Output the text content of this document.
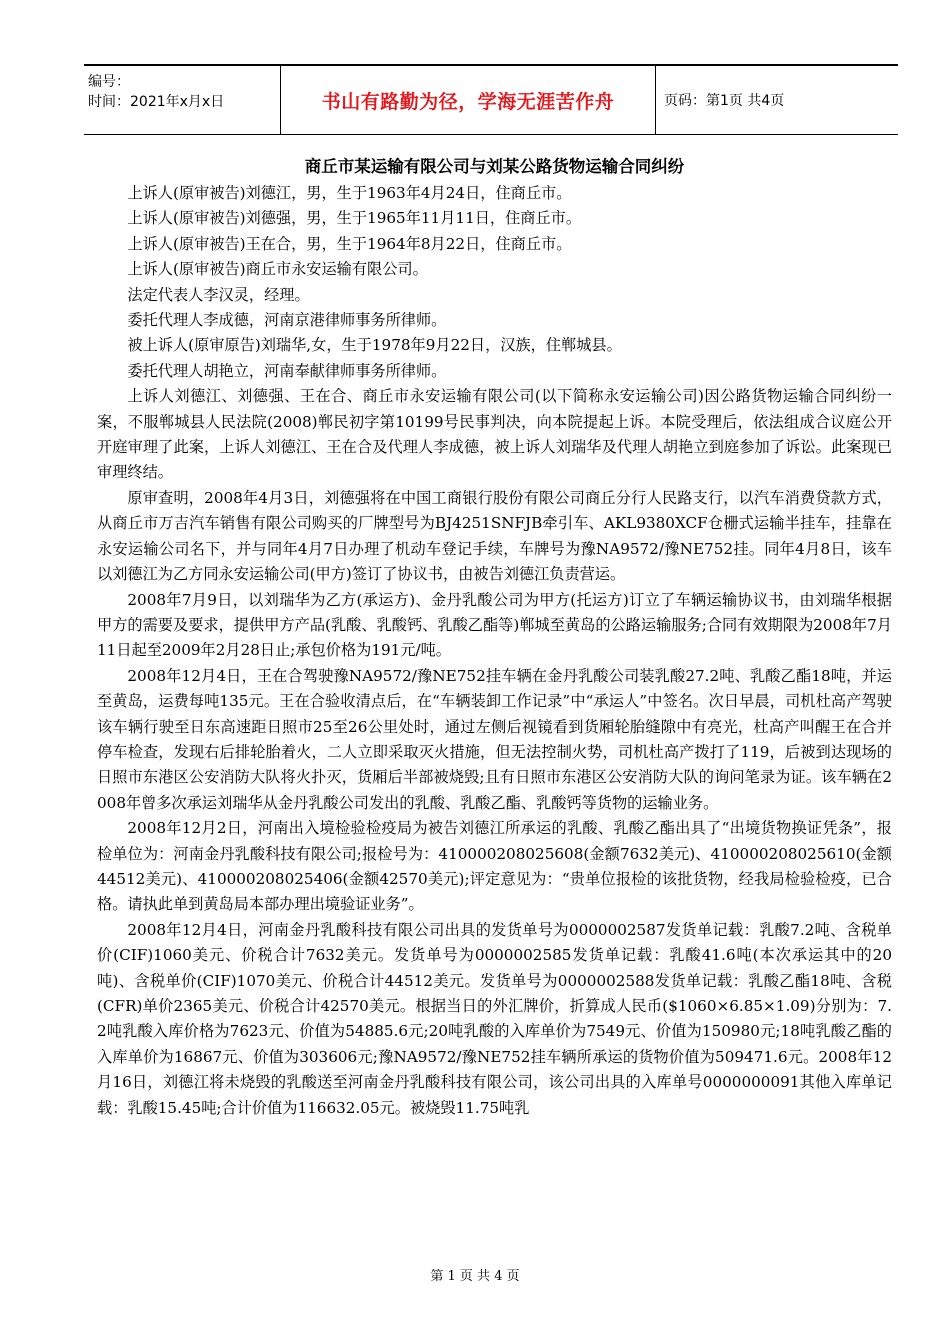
编号：
时间：2021年x月x日	书山有路勤为径，学海无涯苦作舟	页码：第1页 共4页
商丘市某运输有限公司与刘某公路货物运输合同纠纷

上诉人(原审被告)刘德江，男，生于1963年4月24日，住商丘市。

上诉人(原审被告)刘德强，男，生于1965年11月11日，住商丘市。

上诉人(原审被告)王在合，男，生于1964年8月22日，住商丘市。

上诉人(原审被告)商丘市永安运输有限公司。

法定代表人李汉灵，经理。

委托代理人李成德，河南京港律师事务所律师。

被上诉人(原审原告)刘瑞华,女，生于1978年9月22日，汉族，住郸城县。

委托代理人胡艳立，河南奉献律师事务所律师。

上诉人刘德江、刘德强、王在合、商丘市永安运输有限公司(以下简称永安运输公司)因公路货物运输合同纠纷一案，不服郸城县人民法院(2008)郸民初字第10199号民事判决，向本院提起上诉。本院受理后，依法组成合议庭公开开庭审理了此案，上诉人刘德江、王在合及代理人李成德，被上诉人刘瑞华及代理人胡艳立到庭参加了诉讼。此案现已审理终结。

原审查明，2008年4月3日，刘德强将在中国工商银行股份有限公司商丘分行人民路支行，以汽车消费贷款方式，从商丘市万吉汽车销售有限公司购买的厂牌型号为BJ4251SNFJB牵引车、AKL9380XCF仓栅式运输半挂车，挂靠在永安运输公司名下，并与同年4月7日办理了机动车登记手续，车牌号为豫NA9572/豫NE752挂。同年4月8日，该车以刘德江为乙方同永安运输公司(甲方)签订了协议书，由被告刘德江负责营运。

2008年7月9日，以刘瑞华为乙方(承运方)、金丹乳酸公司为甲方(托运方)订立了车辆运输协议书，由刘瑞华根据甲方的需要及要求，提供甲方产品(乳酸、乳酸钙、乳酸乙酯等)郸城至黄岛的公路运输服务;合同有效期限为2008年7月11日起至2009年2月28日止;承包价格为191元/吨。

2008年12月4日，王在合驾驶豫NA9572/豫NE752挂车辆在金丹乳酸公司装乳酸27.2吨、乳酸乙酯18吨，并运至黄岛，运费每吨135元。王在合验收清点后，在“车辆装卸工作记录”中“承运人”中签名。次日早晨，司机杜高产驾驶该车辆行驶至日东高速距日照市25至26公里处时，通过左侧后视镜看到货厢轮胎缝隙中有亮光，杜高产叫醒王在合并停车检查，发现右后排轮胎着火，二人立即采取灭火措施，但无法控制火势，司机杜高产拨打了119，后被到达现场的日照市东港区公安消防大队将火扑灭，货厢后半部被烧毁;且有日照市东港区公安消防大队的询问笔录为证。该车辆在2008年曾多次承运刘瑞华从金丹乳酸公司发出的乳酸、乳酸乙酯、乳酸钙等货物的运输业务。

2008年12月2日，河南出入境检验检疫局为被告刘德江所承运的乳酸、乳酸乙酯出具了“出境货物换证凭条”，报检单位为：河南金丹乳酸科技有限公司;报检号为：410000208025608(金额7632美元)、410000208025610(金额44512美元)、410000208025406(金额42570美元);评定意见为：“贵单位报检的该批货物，经我局检验检疫，已合格。请执此单到黄岛局本部办理出境验证业务”。

2008年12月4日，河南金丹乳酸科技有限公司出具的发货单号为0000002587发货单记载：乳酸7.2吨、含税单价(CIF)1060美元、价税合计7632美元。发货单号为0000002585发货单记载：乳酸41.6吨(本次承运其中的20吨)、含税单价(CIF)1070美元、价税合计44512美元。发货单号为0000002588发货单记载：乳酸乙酯18吨、含税(CFR)单价2365美元、价税合计42570美元。根据当日的外汇牌价，折算成人民币($1060×6.85×1.09)分别为：7.2吨乳酸入库价格为7623元、价值为54885.6元;20吨乳酸的入库单价为7549元、价值为150980元;18吨乳酸乙酯的入库单价为16867元、价值为303606元;豫NA9572/豫NE752挂车辆所承运的货物价值为509471.6元。2008年12月16日，刘德江将未烧毁的乳酸送至河南金丹乳酸科技有限公司，该公司出具的入库单号0000000091其他入库单记载：乳酸15.45吨;合计价值为116632.05元。被烧毁11.75吨乳

第 1 页 共 4 页
